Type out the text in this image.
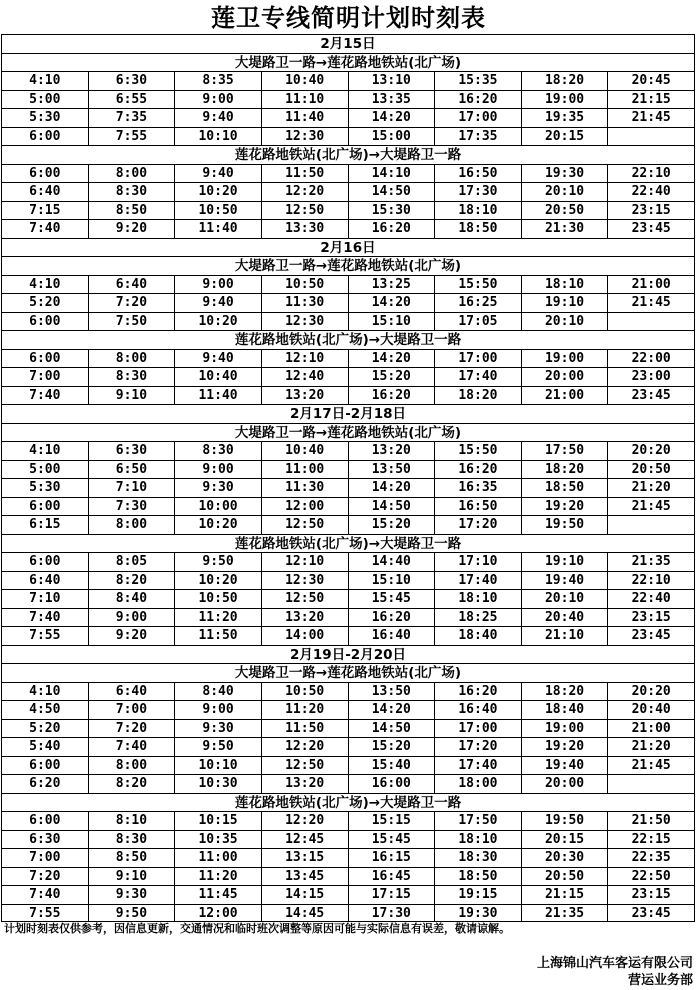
莲卫专线简明计划时刻表
2月15日
大堤路卫一路→莲花路地铁站(北广场)
4:10	6:30	8:35	10:40	13:10	15:35	18:20	20:45
5:00	6:55	9:00	11:10	13:35	16:20	19:00	21:15
5:30	7:35	9:40	11:40	14:20	17:00	19:35	21:45
6:00	7:55	10:10	12:30	15:00	17:35	20:15
莲花路地铁站(北广场)→大堤路卫一路
6:00	8:00	9:40	11:50	14:10	16:50	19:30	22:10
6:40	8:30	10:20	12:20	14:50	17:30	20:10	22:40
7:15	8:50	10:50	12:50	15:30	18:10	20:50	23:15
7:40	9:20	11:40	13:30	16:20	18:50	21:30	23:45
2月16日
大堤路卫一路→莲花路地铁站(北广场)
4:10	6:40	9:00	10:50	13:25	15:50	18:10	21:00
5:20	7:20	9:40	11:30	14:20	16:25	19:10	21:45
6:00	7:50	10:20	12:30	15:10	17:05	20:10
莲花路地铁站(北广场)→大堤路卫一路
6:00	8:00	9:40	12:10	14:20	17:00	19:00	22:00
7:00	8:30	10:40	12:40	15:20	17:40	20:00	23:00
7:40	9:10	11:40	13:20	16:20	18:20	21:00	23:45
2月17日-2月18日
大堤路卫一路→莲花路地铁站(北广场)
4:10	6:30	8:30	10:40	13:20	15:50	17:50	20:20
5:00	6:50	9:00	11:00	13:50	16:20	18:20	20:50
5:30	7:10	9:30	11:30	14:20	16:35	18:50	21:20
6:00	7:30	10:00	12:00	14:50	16:50	19:20	21:45
6:15	8:00	10:20	12:50	15:20	17:20	19:50
莲花路地铁站(北广场)→大堤路卫一路
6:00	8:05	9:50	12:10	14:40	17:10	19:10	21:35
6:40	8:20	10:20	12:30	15:10	17:40	19:40	22:10
7:10	8:40	10:50	12:50	15:45	18:10	20:10	22:40
7:40	9:00	11:20	13:20	16:20	18:25	20:40	23:15
7:55	9:20	11:50	14:00	16:40	18:40	21:10	23:45
2月19日-2月20日
大堤路卫一路→莲花路地铁站(北广场)
4:10	6:40	8:40	10:50	13:50	16:20	18:20	20:20
4:50	7:00	9:00	11:20	14:20	16:40	18:40	20:40
5:20	7:20	9:30	11:50	14:50	17:00	19:00	21:00
5:40	7:40	9:50	12:20	15:20	17:20	19:20	21:20
6:00	8:00	10:10	12:50	15:40	17:40	19:40	21:45
6:20	8:20	10:30	13:20	16:00	18:00	20:00
莲花路地铁站(北广场)→大堤路卫一路
6:00	8:10	10:15	12:20	15:15	17:50	19:50	21:50
6:30	8:30	10:35	12:45	15:45	18:10	20:15	22:15
7:00	8:50	11:00	13:15	16:15	18:30	20:30	22:35
7:20	9:10	11:20	13:45	16:45	18:50	20:50	22:50
7:40	9:30	11:45	14:15	17:15	19:15	21:15	23:15
7:55	9:50	12:00	14:45	17:30	19:30	21:35	23:45
计划时刻表仅供参考，因信息更新，交通情况和临时班次调整等原因可能与实际信息有误差，敬请谅解。
上海锦山汽车客运有限公司
营运业务部
